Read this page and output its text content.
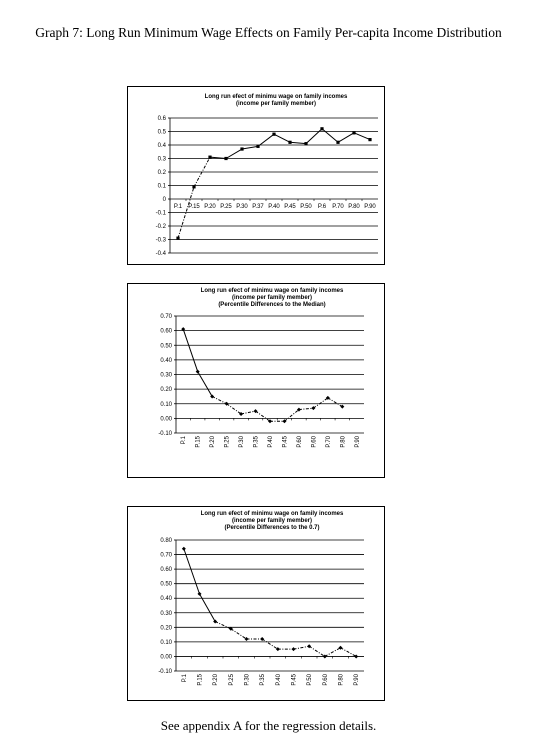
Graph 7: Long Run Minimum Wage Effects on Family Per-capita Income Distribution
Long run efect of minimu wage on family incomes
(income per family member)
0.6
0.5
0.4
0.3
0.2
0.1
0
-0.1
-0.2
-0.3
-0.4
P.1 P.15 P.20 P.25 P.30 P.37 P.40 P.45 P.50 P.6 P.70 P.80 P.90
Long run efect of minimu wage on family incomes
(income per family member)
(Percentile Differences to the Median)
0.70
0.60
0.50
0.40
0.30
0.20
0.10
0.00
-0.10
P.1 P.15 P.20 P.25 P.30 P.35 P.40 P.45 P.60 P.60 P.70 P.80 P.90
Long run efect of minimu wage on family incomes
(income per family member)
(Percentile Differences to the 0.7)
0.80
0.70
0.60
0.50
0.40
0.30
0.20
0.10
0.00
-0.10
P.1 P.15 P.20 P.25 P.30 P.35 P.40 P.45 P.50 P.60 P.80 P.90
See appendix A for the regression details.
